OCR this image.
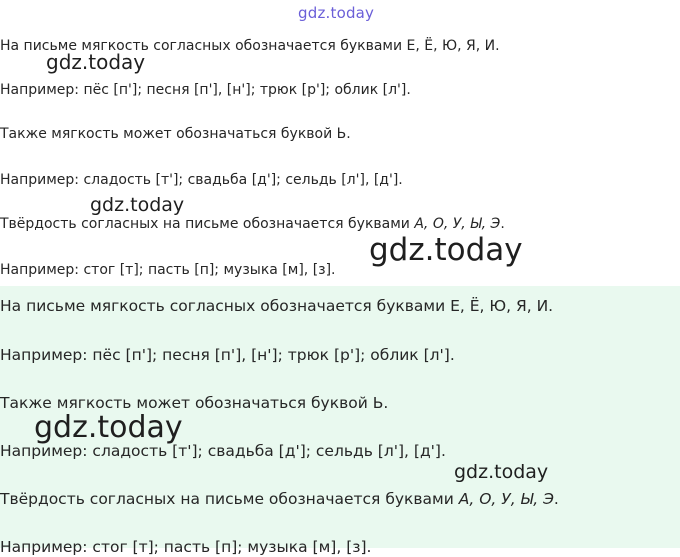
gdz.today
На письме мягкость согласных обозначается буквами Е, Ё, Ю, Я, И.
Например: пёс [п']; песня [п'], [н']; трюк [р']; облик [л'].
Также мягкость может обозначаться буквой Ь.
Например: сладость [т']; свадьба [д']; сельдь [л'], [д'].
Твёрдость согласных на письме обозначается буквами А, О, У, Ы, Э.
Например: стог [т]; пасть [п]; музыка [м], [з].
На письме мягкость согласных обозначается буквами Е, Ё, Ю, Я, И.
Например: пёс [п']; песня [п'], [н']; трюк [р']; облик [л'].
Также мягкость может обозначаться буквой Ь.
Например: сладость [т']; свадьба [д']; сельдь [л'], [д'].
Твёрдость согласных на письме обозначается буквами А, О, У, Ы, Э.
Например: стог [т]; пасть [п]; музыка [м], [з].
gdz.today
gdz.today
gdz.today
gdz.today
gdz.today
